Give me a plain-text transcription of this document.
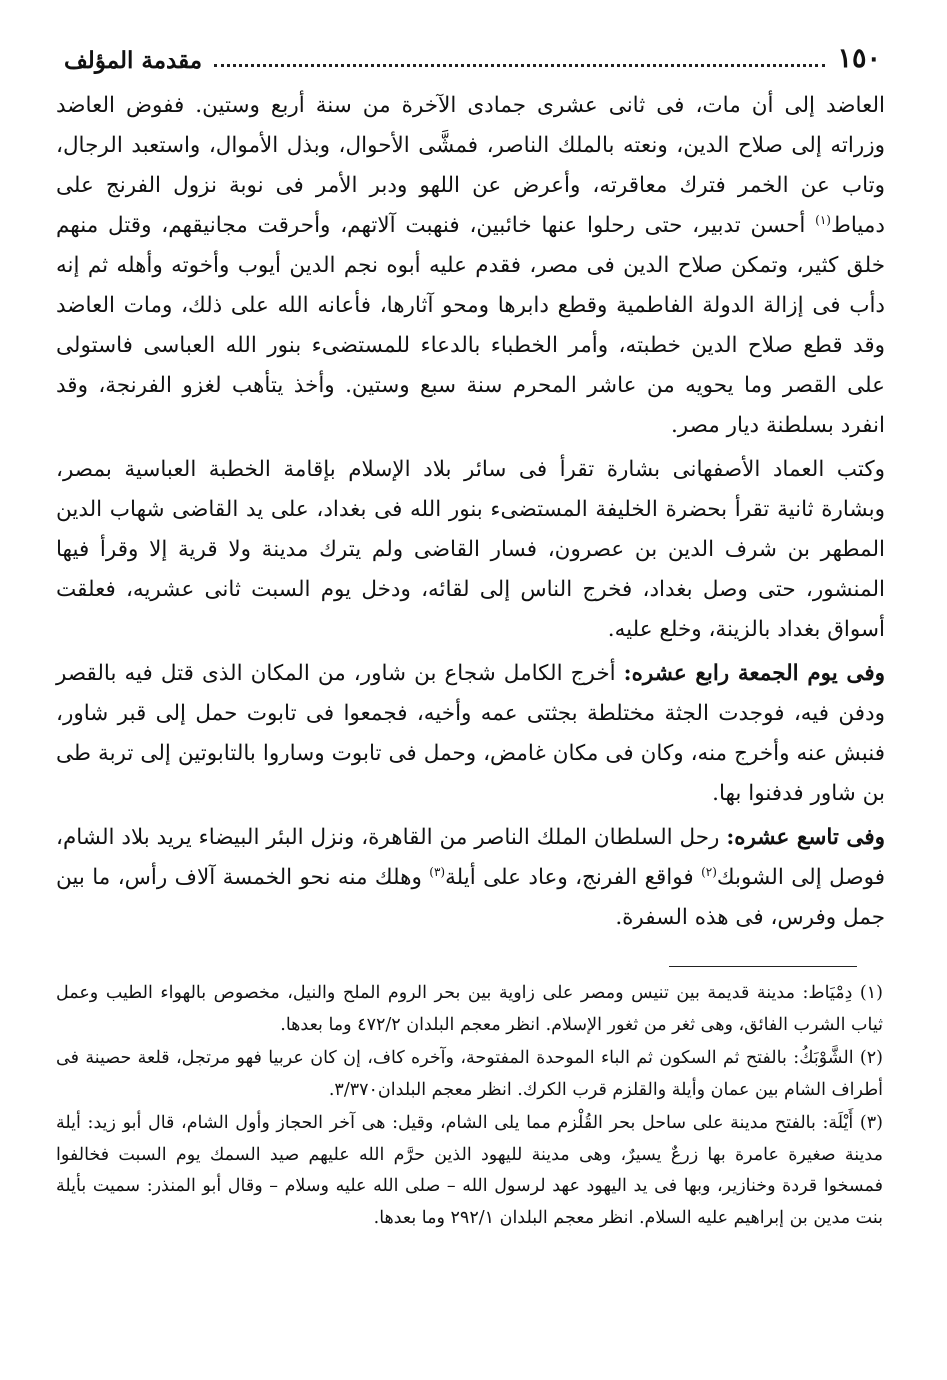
١٥٠
مقدمة المؤلف

العاضد إلى أن مات، فى ثانى عشرى جمادى الآخرة من سنة أربع وستين. ففوض العاضد وزراته إلى صلاح الدين، ونعته بالملك الناصر، فمشَّى الأحوال، وبذل الأموال، واستعبد الرجال، وتاب عن الخمر فترك معاقرته، وأعرض عن اللهو ودبر الأمر فى نوبة نزول الفرنج على دمياط$^{(١)}$ أحسن تدبير، حتى رحلوا عنها خائبين، فنهبت آلاتهم، وأحرقت مجانيقهم، وقتل منهم خلق كثير، وتمكن صلاح الدين فى مصر، فقدم عليه أبوه نجم الدين أيوب وأخوته وأهله ثم إنه دأب فى إزالة الدولة الفاطمية وقطع دابرها ومحو آثارها، فأعانه الله على ذلك، ومات العاضد وقد قطع صلاح الدين خطبته، وأمر الخطباء بالدعاء للمستضىء بنور الله العباسى فاستولى على القصر وما يحويه من عاشر المحرم سنة سبع وستين. وأخذ يتأهب لغزو الفرنجة، وقد انفرد بسلطنة ديار مصر.

وكتب العماد الأصفهانى بشارة تقرأ فى سائر بلاد الإسلام بإقامة الخطبة العباسية بمصر، وبشارة ثانية تقرأ بحضرة الخليفة المستضىء بنور الله فى بغداد، على يد القاضى شهاب الدين المطهر بن شرف الدين بن عصرون، فسار القاضى ولم يترك مدينة ولا قرية إلا وقرأ فيها المنشور، حتى وصل بغداد، فخرج الناس إلى لقائه، ودخل يوم السبت ثانى عشريه، فعلقت أسواق بغداد بالزينة، وخلع عليه.

وفى يوم الجمعة رابع عشره: أخرج الكامل شجاع بن شاور، من المكان الذى قتل فيه بالقصر ودفن فيه، فوجدت الجثة مختلطة بجثتى عمه وأخيه، فجمعوا فى تابوت حمل إلى قبر شاور، فنبش عنه وأخرج منه، وكان فى مكان غامض، وحمل فى تابوت وساروا بالتابوتين إلى تربة طى بن شاور فدفنوا بها.

وفى تاسع عشره: رحل السلطان الملك الناصر من القاهرة، ونزل البئر البيضاء يريد بلاد الشام، فوصل إلى الشوبك$^{(٢)}$ فواقع الفرنج، وعاد على أيلة$^{(٣)}$ وهلك منه نحو الخمسة آلاف رأس، ما بين جمل وفرس، فى هذه السفرة.

(١) دِمْيَاط: مدينة قديمة بين تنيس ومصر على زاوية بين بحر الروم الملح والنيل، مخصوص بالهواء الطيب وعمل ثياب الشرب الفائق، وهى ثغر من ثغور الإسلام. انظر معجم البلدان ٤٧٢/٢ وما بعدها.

(٢) الشَّوْبَكُ: بالفتح ثم السكون ثم الباء الموحدة المفتوحة، وآخره كاف، إن كان عربيا فهو مرتجل، قلعة حصينة فى أطراف الشام بين عمان وأيلة والقلزم قرب الكرك. انظر معجم البلدان٣/٣٧٠.

(٣) أَيْلَة: بالفتح مدينة على ساحل بحر القُلْزم مما يلى الشام، وقيل: هى آخر الحجاز وأول الشام، قال أبو زيد: أيلة مدينة صغيرة عامرة بها زرعٌ يسيرٌ، وهى مدينة لليهود الذين حرَّم الله عليهم صيد السمك يوم السبت فخالفوا فمسخوا قردة وخنازير، وبها فى يد اليهود عهد لرسول الله – صلى الله عليه وسلام – وقال أبو المنذر: سميت بأيلة بنت مدين بن إبراهيم عليه السلام. انظر معجم البلدان ٢٩٢/١ وما بعدها.
